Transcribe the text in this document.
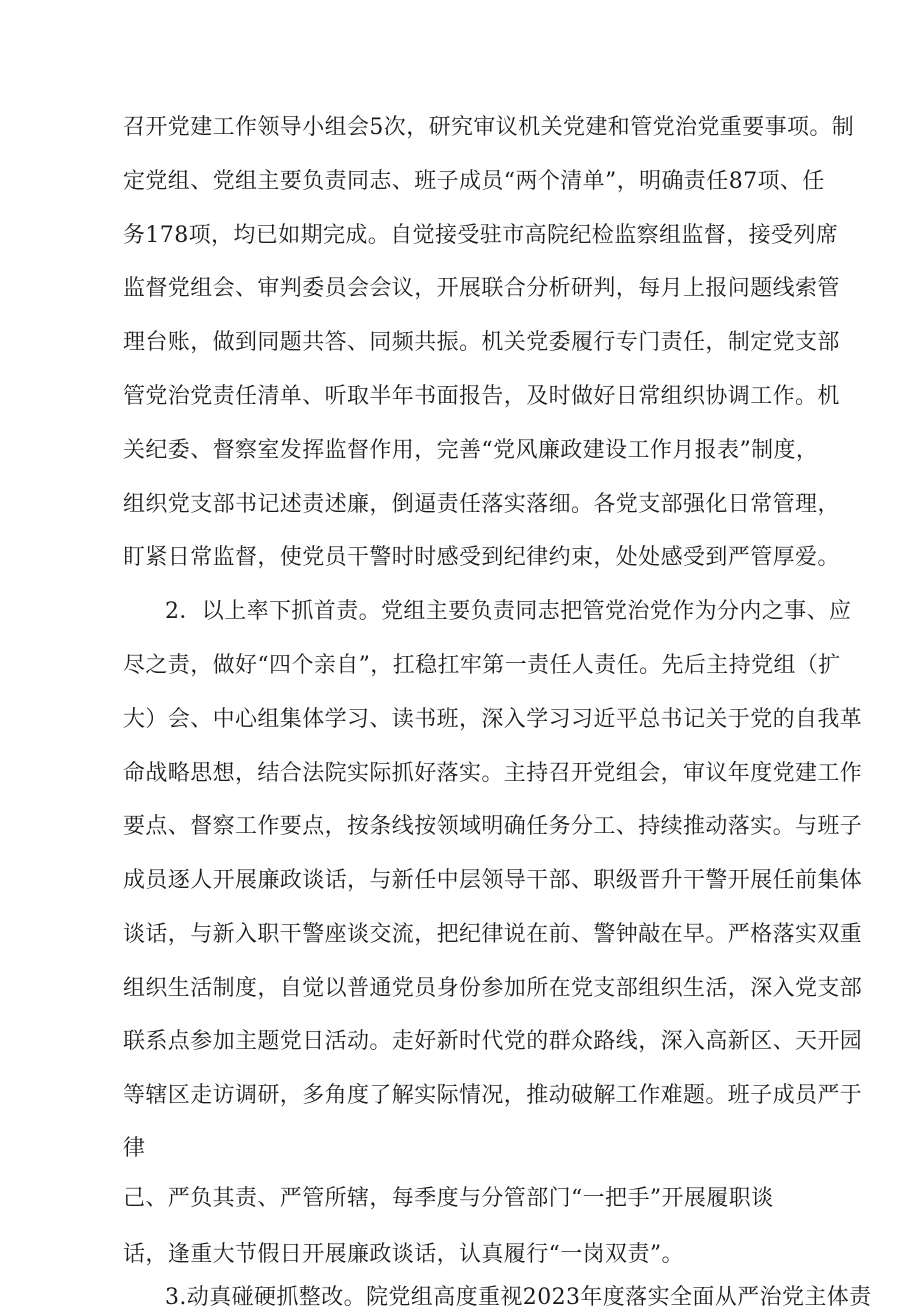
召开党建工作领导小组会5次，研究审议机关党建和管党治党重要事项。制
定党组、党组主要负责同志、班子成员“两个清单”，明确责任87项、任
务178项，均已如期完成。自觉接受驻市高院纪检监察组监督，接受列席
监督党组会、审判委员会会议，开展联合分析研判，每月上报问题线索管
理台账，做到同题共答、同频共振。机关党委履行专门责任，制定党支部
管党治党责任清单、听取半年书面报告，及时做好日常组织协调工作。机
关纪委、督察室发挥监督作用，完善“党风廉政建设工作月报表”制度，
组织党支部书记述责述廉，倒逼责任落实落细。各党支部强化日常管理，
盯紧日常监督，使党员干警时时感受到纪律约束，处处感受到严管厚爱。
2．以上率下抓首责。党组主要负责同志把管党治党作为分内之事、应
尽之责，做好“四个亲自”，扛稳扛牢第一责任人责任。先后主持党组（扩
大）会、中心组集体学习、读书班，深入学习习近平总书记关于党的自我革
命战略思想，结合法院实际抓好落实。主持召开党组会，审议年度党建工作
要点、督察工作要点，按条线按领域明确任务分工、持续推动落实。与班子
成员逐人开展廉政谈话，与新任中层领导干部、职级晋升干警开展任前集体
谈话，与新入职干警座谈交流，把纪律说在前、警钟敲在早。严格落实双重
组织生活制度，自觉以普通党员身份参加所在党支部组织生活，深入党支部
联系点参加主题党日活动。走好新时代党的群众路线，深入高新区、天开园
等辖区走访调研，多角度了解实际情况，推动破解工作难题。班子成员严于
律
己、严负其责、严管所辖，每季度与分管部门“一把手”开展履职谈
话，逢重大节假日开展廉政谈话，认真履行“一岗双责”。
3.动真碰硬抓整改。院党组高度重视2023年度落实全面从严治党主体责
